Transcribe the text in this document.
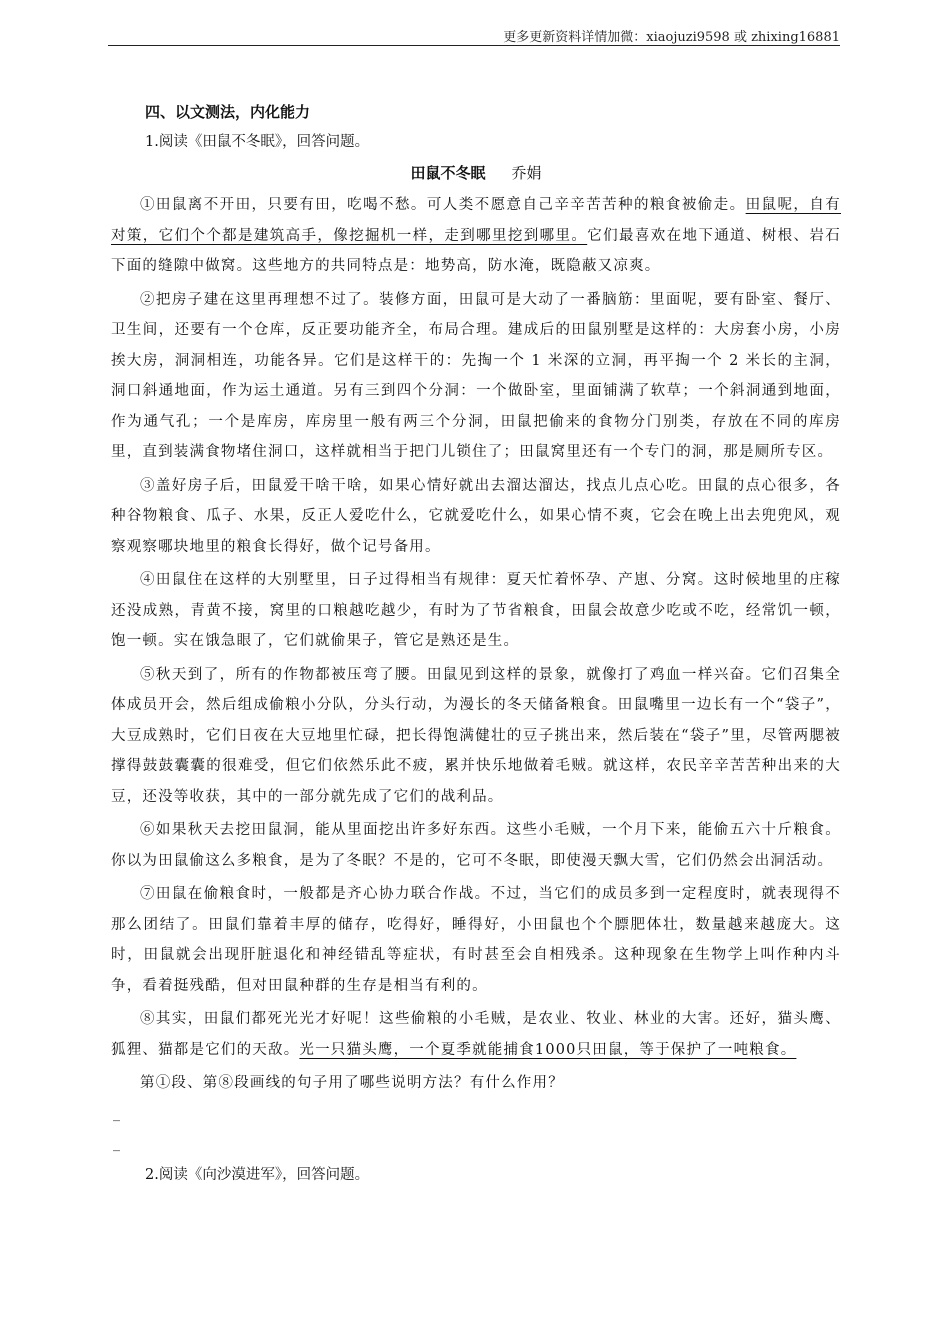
更多更新资料详情加微：xiaojuzi9598 或 zhixing16881
四、以文测法，内化能力
1.阅读《田鼠不冬眠》，回答问题。
田鼠不冬眠 乔娟

①田鼠离不开田，只要有田，吃喝不愁。可人类不愿意自己辛辛苦苦种的粮食被偷走。田鼠呢，自有对策，它们个个都是建筑高手，像挖掘机一样，走到哪里挖到哪里。它们最喜欢在地下通道、树根、岩石下面的缝隙中做窝。这些地方的共同特点是：地势高，防水淹，既隐蔽又凉爽。

②把房子建在这里再理想不过了。装修方面，田鼠可是大动了一番脑筋：里面呢，要有卧室、餐厅、卫生间，还要有一个仓库，反正要功能齐全，布局合理。建成后的田鼠别墅是这样的：大房套小房，小房挨大房，洞洞相连，功能各异。它们是这样干的：先掏一个 1 米深的立洞，再平掏一个 2 米长的主洞，洞口斜通地面，作为运土通道。另有三到四个分洞：一个做卧室，里面铺满了软草；一个斜洞通到地面，作为通气孔；一个是库房，库房里一般有两三个分洞，田鼠把偷来的食物分门别类，存放在不同的库房里，直到装满食物堵住洞口，这样就相当于把门儿锁住了；田鼠窝里还有一个专门的洞，那是厕所专区。

③盖好房子后，田鼠爱干啥干啥，如果心情好就出去溜达溜达，找点儿点心吃。田鼠的点心很多，各种谷物粮食、瓜子、水果，反正人爱吃什么，它就爱吃什么，如果心情不爽，它会在晚上出去兜兜风，观察观察哪块地里的粮食长得好，做个记号备用。

④田鼠住在这样的大别墅里，日子过得相当有规律：夏天忙着怀孕、产崽、分窝。这时候地里的庄稼还没成熟，青黄不接，窝里的口粮越吃越少，有时为了节省粮食，田鼠会故意少吃或不吃，经常饥一顿，饱一顿。实在饿急眼了，它们就偷果子，管它是熟还是生。

⑤秋天到了，所有的作物都被压弯了腰。田鼠见到这样的景象，就像打了鸡血一样兴奋。它们召集全体成员开会，然后组成偷粮小分队，分头行动，为漫长的冬天储备粮食。田鼠嘴里一边长有一个“袋子”，大豆成熟时，它们日夜在大豆地里忙碌，把长得饱满健壮的豆子挑出来，然后装在“袋子”里，尽管两腮被撑得鼓鼓囊囊的很难受，但它们依然乐此不疲，累并快乐地做着毛贼。就这样，农民辛辛苦苦种出来的大豆，还没等收获，其中的一部分就先成了它们的战利品。

⑥如果秋天去挖田鼠洞，能从里面挖出许多好东西。这些小毛贼，一个月下来，能偷五六十斤粮食。你以为田鼠偷这么多粮食，是为了冬眠？不是的，它可不冬眠，即使漫天飘大雪，它们仍然会出洞活动。

⑦田鼠在偷粮食时，一般都是齐心协力联合作战。不过，当它们的成员多到一定程度时，就表现得不那么团结了。田鼠们靠着丰厚的储存，吃得好，睡得好，小田鼠也个个膘肥体壮，数量越来越庞大。这时，田鼠就会出现肝脏退化和神经错乱等症状，有时甚至会自相残杀。这种现象在生物学上叫作种内斗争，看着挺残酷，但对田鼠种群的生存是相当有利的。

⑧其实，田鼠们都死光光才好呢！这些偷粮的小毛贼，是农业、牧业、林业的大害。还好，猫头鹰、狐狸、猫都是它们的天敌。光一只猫头鹰，一个夏季就能捕食1000只田鼠，等于保护了一吨粮食。

第①段、第⑧段画线的句子用了哪些说明方法？有什么作用？

_
_
2.阅读《向沙漠进军》，回答问题。
